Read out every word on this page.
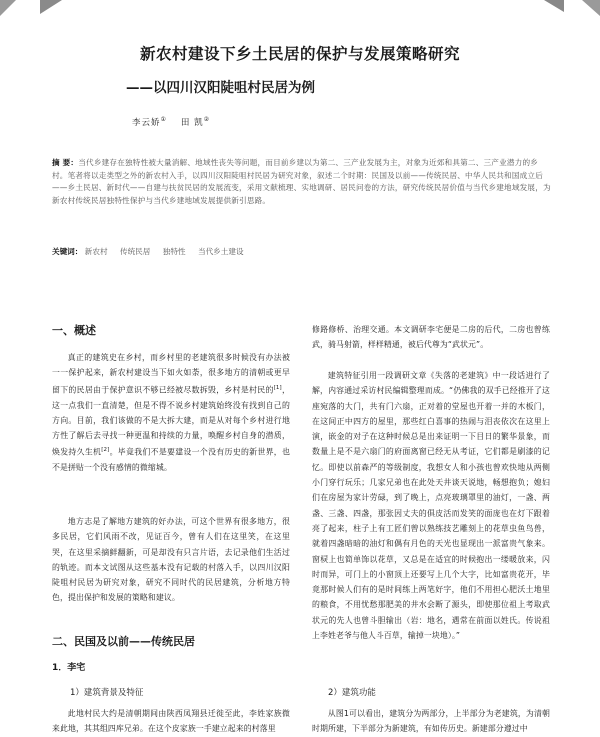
新农村建设下乡土民居的保护与发展策略研究
——以四川汉阳陡咀村民居为例
李云娇① 田 凯②
摘 要：当代乡建存在独特性被大量消解、地域性丧失等问题，而目前乡建以为第二、三产业发展为主，对象为近郊和具第二、三产业潜力的乡村。笔者将以走类型之外的新农村入手，以四川汉阳陡咀村民居为研究对象，叙述二个时期：民国及以前——传统民居、中华人民共和国成立后——乡土民居、新时代——自建与扶贫民居的发展流变，采用文献梳理、实地调研、居民问卷的方法，研究传统民居价值与当代乡建地域发展，为新农村传统民居独特性保护与当代乡建地域发展提供新引思路。
关键词： 新农村 传统民居 独特性 当代乡土建设
一、概述

真正的建筑史在乡村，而乡村里的老建筑很多时候没有办法被一一保护起来，新农村建设当下如火如荼，很多地方的清朝或更早留下的民居由于保护意识不够已经被尽数拆毁，乡村是村民的[1]，这一点我们一直清楚，但是不得不说乡村建筑始终没有找到自己的方向。目前，我们该做的不是大拆大建，而是从对每个乡村进行地方性了解后去寻找一种更温和持续的力量，唤醒乡村自身的潜质，焕发持久生机[2]。毕竟我们不是要建设一个没有历史的新世界，也不是拼贴一个没有感情的微缩城。

地方志是了解地方建筑的好办法，可这个世界有很多地方，很多民居，它们风雨不改，见证百今，曾有人们在这里笑，在这里哭，在这里采摘鲜翻新，可是却没有只言片语，去记录他们生活过的轨迹。而本文试图从这些基本没有记载的村落入手，以四川汉阳陡咀村民居为研究对象，研究不同时代的民居建筑，分析地方特色，提出保护和发展的策略和建议。

二、民国及以前——传统民居
1．李宅
1）建筑背景及特征

此地村民大约是清朝期间由陕西凤翔县迁徙至此，李姓家族微来此地，其其组四库兄弟。在这个皮家族一手建立起来的村落里

修路修桥、治理交通。本文调研李宅便是二房的后代，二房也曾练武，骑马射箭，样样精通，被后代尊为“武状元”。

建筑特征引用一段调研文章《失落的老建筑》中一段话进行了解，内容通过采访村民编辑整理而成。“仍佛我的双手已经推开了这座宛落的大门，共有门六扇，正对着的堂屋也开着一并的木板门，在这间正中四方的屋里，那些红白喜事的热闹与泪丧依次在这里上演，嵌金的对子在这种时候总是出来证明一下目日的繁华景象，而数量上是不是六扇门的府面离窗已经无从考证，它们都是刷漆的记忆。即使以前森严的等级制度，我想女人和小孩也曾欢快地从两侧小门穿行玩乐；几家兄弟也在此处天井谈天说地，畅想抱负；媳妇们在房屋为家计劳碌，到了晚上，点亮玻璃罩里的油灯，一盏、两盏、三盏、四盏，那张因丈夫的俱皮活而发笑的面庞也在灯下跟着亮了起来，柱子上有工匠们曾以熟练技艺雕刻上的花草虫鱼鸟兽，就着四盏暗暗的油灯和偶有月色的天光也显现出一派富贵气象来。窗棂上也简单饰以花草，又总是在适宜的时候抱出一缕暖放来，闪时而异，可门上的小窗顶上还要写上几个大字，比如富贵花开，毕竟那时候人们有的是时间练上两笔好字，他们不用担心肥沃土地里的粮食，不用忧愁那肥美的井水会断了源头，即使那位祖上考取武状元的先人也曾斗胆输出（岩：地名，遇常在前面以姓氏。传说祖上李姓老爷与他人斗百草，输掉一块地）。”

2）建筑功能

从图1可以看出，建筑分为两部分，上半部分为老建筑，为清朝时期所建，下半部分为新建筑，有如传历史。新建部分遵过中
